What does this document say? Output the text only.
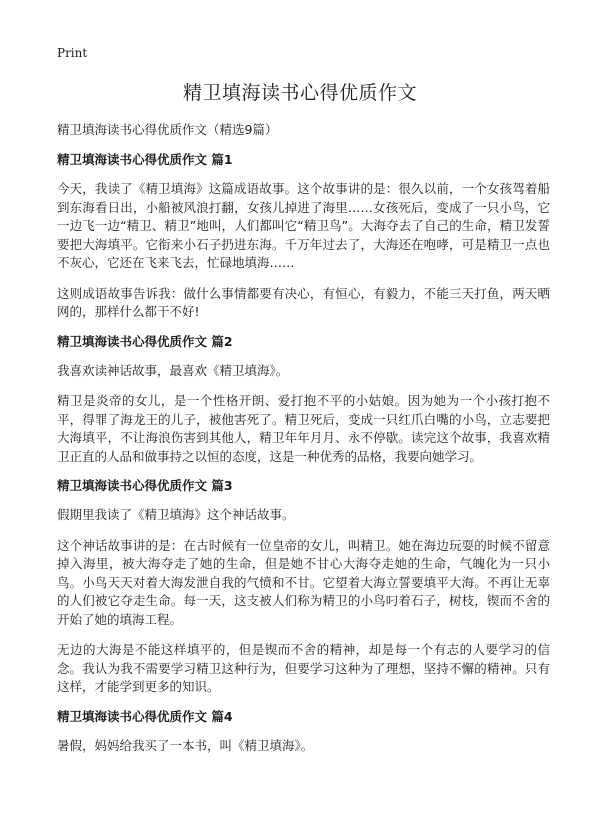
Print
精卫填海读书心得优质作文

精卫填海读书心得优质作文（精选9篇）

精卫填海读书心得优质作文 篇1

今天，我读了《精卫填海》这篇成语故事。这个故事讲的是：很久以前，一个女孩驾着船到东海看日出，小船被风浪打翻，女孩儿掉进了海里……女孩死后，变成了一只小鸟，它一边飞一边“精卫、精卫”地叫，人们都叫它“精卫鸟”。大海夺去了自己的生命，精卫发誓要把大海填平。它衔来小石子扔进东海。千万年过去了，大海还在咆哮，可是精卫一点也不灰心，它还在飞来飞去，忙碌地填海……

这则成语故事告诉我：做什么事情都要有决心，有恒心，有毅力，不能三天打鱼，两天晒网的，那样什么都干不好!

精卫填海读书心得优质作文 篇2

我喜欢读神话故事，最喜欢《精卫填海》。

精卫是炎帝的女儿，是一个性格开朗、爱打抱不平的小姑娘。因为她为一个小孩打抱不平，得罪了海龙王的儿子，被他害死了。精卫死后，变成一只红爪白嘴的小鸟，立志要把大海填平，不让海浪伤害到其他人，精卫年年月月、永不停歇。读完这个故事，我喜欢精卫正直的人品和做事持之以恒的态度，这是一种优秀的品格，我要向她学习。

精卫填海读书心得优质作文 篇3

假期里我读了《精卫填海》这个神话故事。

这个神话故事讲的是：在古时候有一位皇帝的女儿，叫精卫。她在海边玩耍的时候不留意掉入海里，被大海夺走了她的生命，但是她不甘心大海夺走她的生命，气魄化为一只小鸟。小鸟天天对着大海发泄自我的气愤和不甘。它望着大海立誓要填平大海。不再让无辜的人们被它夺走生命。每一天，这支被人们称为精卫的小鸟叼着石子，树枝，锲而不舍的开始了她的填海工程。

无边的大海是不能这样填平的，但是锲而不舍的精神，却是每一个有志的人要学习的信念。我认为我不需要学习精卫这种行为，但要学习这种为了理想，坚持不懈的精神。只有这样，才能学到更多的知识。

精卫填海读书心得优质作文 篇4

暑假，妈妈给我买了一本书，叫《精卫填海》。
